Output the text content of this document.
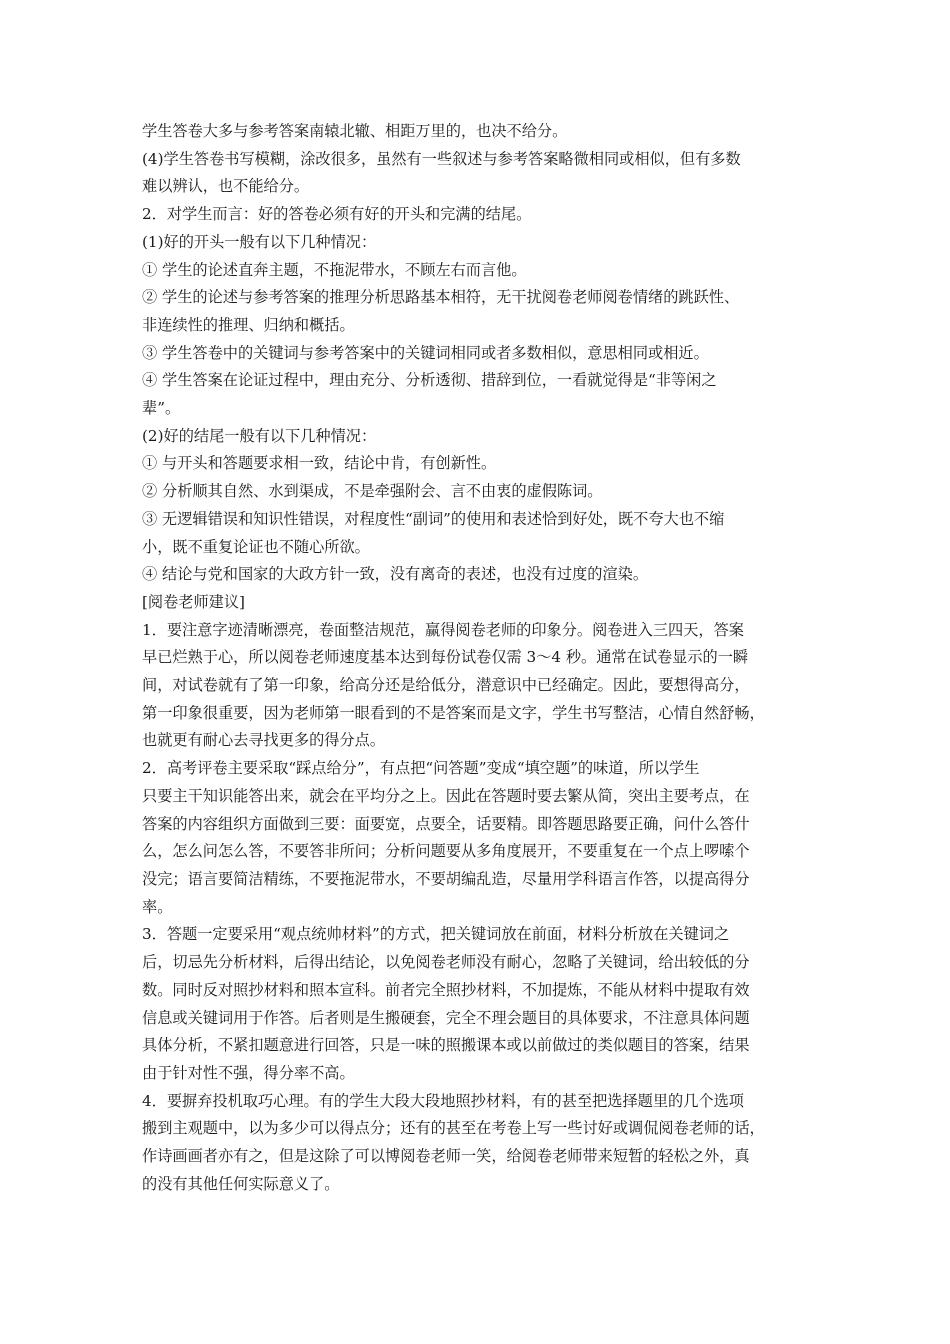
学生答卷大多与参考答案南辕北辙、相距万里的，也决不给分。
(4)学生答卷书写模糊，涂改很多，虽然有一些叙述与参考答案略微相同或相似，但有多数
难以辨认，也不能给分。
2．对学生而言：好的答卷必须有好的开头和完满的结尾。
(1)好的开头一般有以下几种情况：
① 学生的论述直奔主题，不拖泥带水，不顾左右而言他。
② 学生的论述与参考答案的推理分析思路基本相符，无干扰阅卷老师阅卷情绪的跳跃性、
非连续性的推理、归纳和概括。
③ 学生答卷中的关键词与参考答案中的关键词相同或者多数相似，意思相同或相近。
④ 学生答案在论证过程中，理由充分、分析透彻、措辞到位，一看就觉得是“非等闲之
辈”。
(2)好的结尾一般有以下几种情况：
① 与开头和答题要求相一致，结论中肯，有创新性。
② 分析顺其自然、水到渠成，不是牵强附会、言不由衷的虚假陈词。
③ 无逻辑错误和知识性错误，对程度性“副词”的使用和表述恰到好处，既不夸大也不缩
小，既不重复论证也不随心所欲。
④ 结论与党和国家的大政方针一致，没有离奇的表述，也没有过度的渲染。
[阅卷老师建议]
1．要注意字迹清晰漂亮，卷面整洁规范，赢得阅卷老师的印象分。阅卷进入三四天，答案
早已烂熟于心，所以阅卷老师速度基本达到每份试卷仅需 3～4 秒。通常在试卷显示的一瞬
间，对试卷就有了第一印象，给高分还是给低分，潜意识中已经确定。因此，要想得高分，
第一印象很重要，因为老师第一眼看到的不是答案而是文字，学生书写整洁，心情自然舒畅，
也就更有耐心去寻找更多的得分点。
2．高考评卷主要采取“踩点给分”，有点把“问答题”变成“填空题”的味道，所以学生
只要主干知识能答出来，就会在平均分之上。因此在答题时要去繁从简，突出主要考点，在
答案的内容组织方面做到三要：面要宽，点要全，话要精。即答题思路要正确，问什么答什
么，怎么问怎么答，不要答非所问；分析问题要从多角度展开，不要重复在一个点上啰嗦个
没完；语言要简洁精练，不要拖泥带水，不要胡编乱造，尽量用学科语言作答，以提高得分
率。
3．答题一定要采用“观点统帅材料”的方式，把关键词放在前面，材料分析放在关键词之
后，切忌先分析材料，后得出结论，以免阅卷老师没有耐心，忽略了关键词，给出较低的分
数。同时反对照抄材料和照本宣科。前者完全照抄材料，不加提炼，不能从材料中提取有效
信息或关键词用于作答。后者则是生搬硬套，完全不理会题目的具体要求，不注意具体问题
具体分析，不紧扣题意进行回答，只是一味的照搬课本或以前做过的类似题目的答案，结果
由于针对性不强，得分率不高。
4．要摒弃投机取巧心理。有的学生大段大段地照抄材料，有的甚至把选择题里的几个选项
搬到主观题中，以为多少可以得点分；还有的甚至在考卷上写一些讨好或调侃阅卷老师的话，
作诗画画者亦有之，但是这除了可以博阅卷老师一笑，给阅卷老师带来短暂的轻松之外，真
的没有其他任何实际意义了。
